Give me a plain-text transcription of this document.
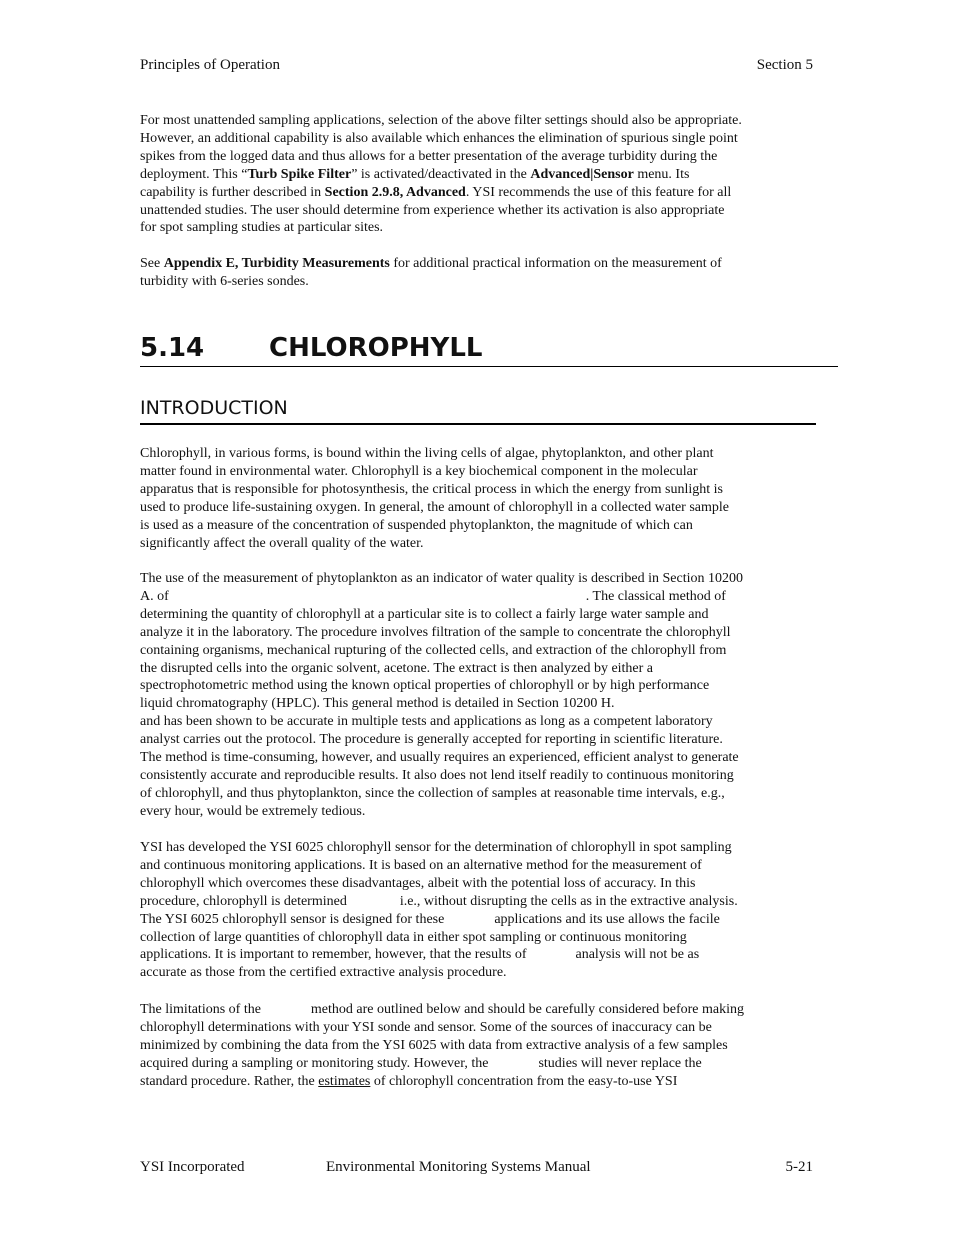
Principles of Operation	Section 5
For most unattended sampling applications, selection of the above filter settings should also be appropriate.
However, an additional capability is also available which enhances the elimination of spurious single point
spikes from the logged data and thus allows for a better presentation of the average turbidity during the
deployment. This “Turb Spike Filter” is activated/deactivated in the Advanced|Sensor menu. Its
capability is further described in Section 2.9.8, Advanced. YSI recommends the use of this feature for all
unattended studies. The user should determine from experience whether its activation is also appropriate
for spot sampling studies at particular sites.
See Appendix E, Turbidity Measurements for additional practical information on the measurement of
turbidity with 6-series sondes.
5.14 CHLOROPHYLL
INTRODUCTION
Chlorophyll, in various forms, is bound within the living cells of algae, phytoplankton, and other plant
matter found in environmental water. Chlorophyll is a key biochemical component in the molecular
apparatus that is responsible for photosynthesis, the critical process in which the energy from sunlight is
used to produce life-sustaining oxygen. In general, the amount of chlorophyll in a collected water sample
is used as a measure of the concentration of suspended phytoplankton, the magnitude of which can
significantly affect the overall quality of the water.
The use of the measurement of phytoplankton as an indicator of water quality is described in Section 10200
A. of	. The classical method of
determining the quantity of chlorophyll at a particular site is to collect a fairly large water sample and
analyze it in the laboratory. The procedure involves filtration of the sample to concentrate the chlorophyll
containing organisms, mechanical rupturing of the collected cells, and extraction of the chlorophyll from
the disrupted cells into the organic solvent, acetone. The extract is then analyzed by either a
spectrophotometric method using the known optical properties of chlorophyll or by high performance
liquid chromatography (HPLC). This general method is detailed in Section 10200 H.
and has been shown to be accurate in multiple tests and applications as long as a competent laboratory
analyst carries out the protocol. The procedure is generally accepted for reporting in scientific literature.
The method is time-consuming, however, and usually requires an experienced, efficient analyst to generate
consistently accurate and reproducible results. It also does not lend itself readily to continuous monitoring
of chlorophyll, and thus phytoplankton, since the collection of samples at reasonable time intervals, e.g.,
every hour, would be extremely tedious.
YSI has developed the YSI 6025 chlorophyll sensor for the determination of chlorophyll in spot sampling
and continuous monitoring applications. It is based on an alternative method for the measurement of
chlorophyll which overcomes these disadvantages, albeit with the potential loss of accuracy. In this
procedure, chlorophyll is determined	i.e., without disrupting the cells as in the extractive analysis.
The YSI 6025 chlorophyll sensor is designed for these	applications and its use allows the facile
collection of large quantities of chlorophyll data in either spot sampling or continuous monitoring
applications. It is important to remember, however, that the results of	analysis will not be as
accurate as those from the certified extractive analysis procedure.
The limitations of the	method are outlined below and should be carefully considered before making
chlorophyll determinations with your YSI sonde and sensor. Some of the sources of inaccuracy can be
minimized by combining the data from the YSI 6025 with data from extractive analysis of a few samples
acquired during a sampling or monitoring study. However, the	studies will never replace the
standard procedure. Rather, the estimates of chlorophyll concentration from the easy-to-use YSI
YSI Incorporated	Environmental Monitoring Systems Manual	5-21
